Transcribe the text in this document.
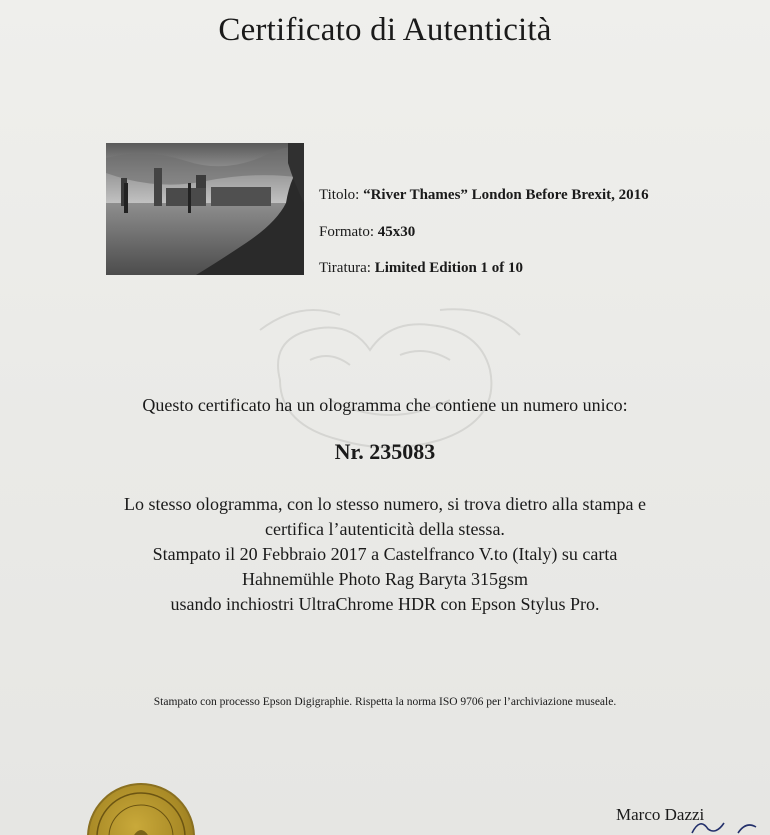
Certificato di Autenticità
Titolo: “River Thames” London Before Brexit, 2016
Formato: 45x30
Tiratura: Limited Edition 1 of 10
Questo certificato ha un ologramma che contiene un numero unico:
Nr. 235083
Lo stesso ologramma, con lo stesso numero, si trova dietro alla stampa e
certifica l’autenticità della stessa.
Stampato il 20 Febbraio 2017 a Castelfranco V.to (Italy) su carta
Hahnemühle Photo Rag Baryta 315gsm
usando inchiostri UltraChrome HDR con Epson Stylus Pro.
Stampato con processo Epson Digigraphie. Rispetta la norma ISO 9706 per l’archiviazione museale.
Marco Dazzi
